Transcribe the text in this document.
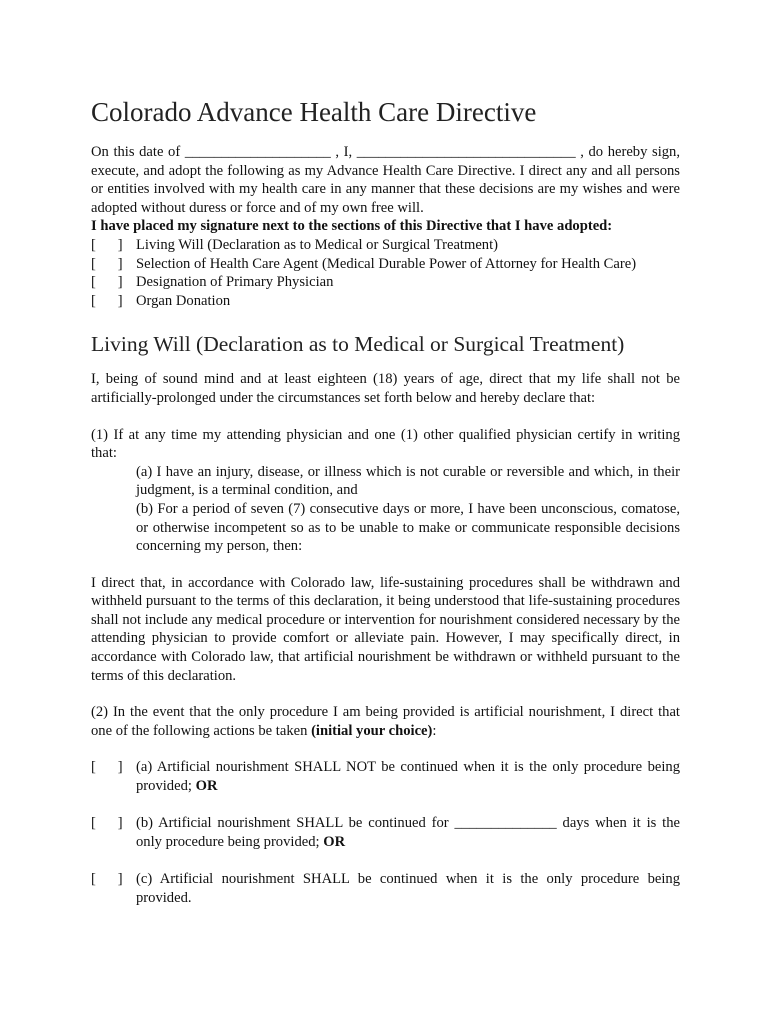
Colorado Advance Health Care Directive

On this date of ____________________ , I, ______________________________ , do hereby sign, execute, and adopt the following as my Advance Health Care Directive. I direct any and all persons or entities involved with my health care in any manner that these decisions are my wishes and were adopted without duress or force and of my own free will.

I have placed my signature next to the sections of this Directive that I have adopted:

[      ] Living Will (Declaration as to Medical or Surgical Treatment)
[      ] Selection of Health Care Agent (Medical Durable Power of Attorney for Health Care)
[      ] Designation of Primary Physician
[      ] Organ Donation
Living Will (Declaration as to Medical or Surgical Treatment)

I, being of sound mind and at least eighteen (18) years of age, direct that my life shall not be artificially-prolonged under the circumstances set forth below and hereby declare that:

(1) If at any time my attending physician and one (1) other qualified physician certify in writing that:

(a) I have an injury, disease, or illness which is not curable or reversible and which, in their judgment, is a terminal condition, and

(b) For a period of seven (7) consecutive days or more, I have been unconscious, comatose, or otherwise incompetent so as to be unable to make or communicate responsible decisions concerning my person, then:

I direct that, in accordance with Colorado law, life-sustaining procedures shall be withdrawn and withheld pursuant to the terms of this declaration, it being understood that life-sustaining procedures shall not include any medical procedure or intervention for nourishment considered necessary by the attending physician to provide comfort or alleviate pain. However, I may specifically direct, in accordance with Colorado law, that artificial nourishment be withdrawn or withheld pursuant to the terms of this declaration.

(2) In the event that the only procedure I am being provided is artificial nourishment, I direct that one of the following actions be taken (initial your choice):

[      ] (a) Artificial nourishment SHALL NOT be continued when it is the only procedure being provided; OR
[      ] (b) Artificial nourishment SHALL be continued for ______________ days when it is the only procedure being provided; OR
[      ] (c) Artificial nourishment SHALL be continued when it is the only procedure being provided.
